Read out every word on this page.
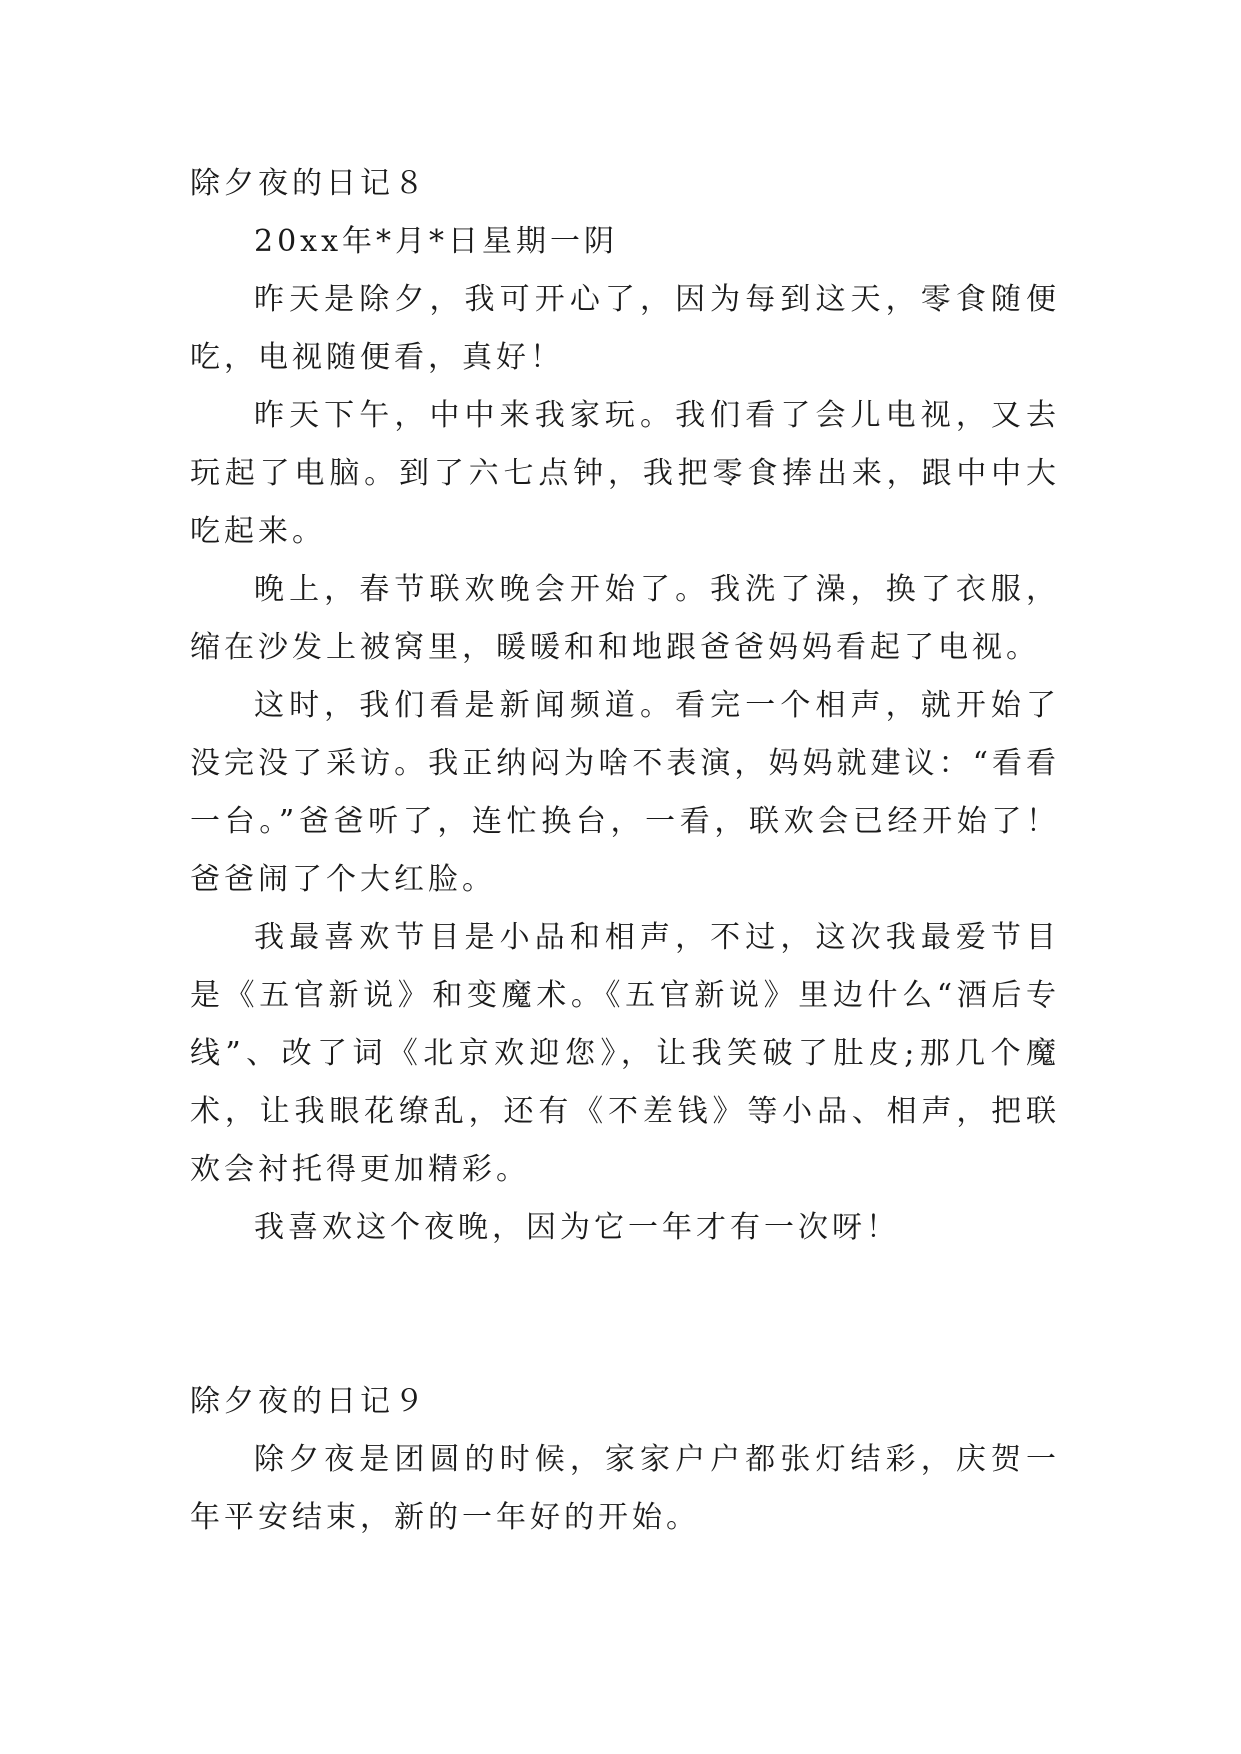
除夕夜的日记８

20xx年*月*日星期一阴

昨天是除夕，我可开心了，因为每到这天，零食随便吃，电视随便看，真好！

昨天下午，中中来我家玩。我们看了会儿电视，又去玩起了电脑。到了六七点钟，我把零食捧出来，跟中中大吃起来。

晚上，春节联欢晚会开始了。我洗了澡，换了衣服，缩在沙发上被窝里，暖暖和和地跟爸爸妈妈看起了电视。

这时，我们看是新闻频道。看完一个相声，就开始了没完没了采访。我正纳闷为啥不表演，妈妈就建议：“看看一台。”爸爸听了，连忙换台，一看，联欢会已经开始了！爸爸闹了个大红脸。

我最喜欢节目是小品和相声，不过，这次我最爱节目是《五官新说》和变魔术。《五官新说》里边什么“酒后专线”、改了词《北京欢迎您》，让我笑破了肚皮;那几个魔术，让我眼花缭乱，还有《不差钱》等小品、相声，把联欢会衬托得更加精彩。

我喜欢这个夜晚，因为它一年才有一次呀！

除夕夜的日记９

除夕夜是团圆的时候，家家户户都张灯结彩，庆贺一年平安结束，新的一年好的开始。
